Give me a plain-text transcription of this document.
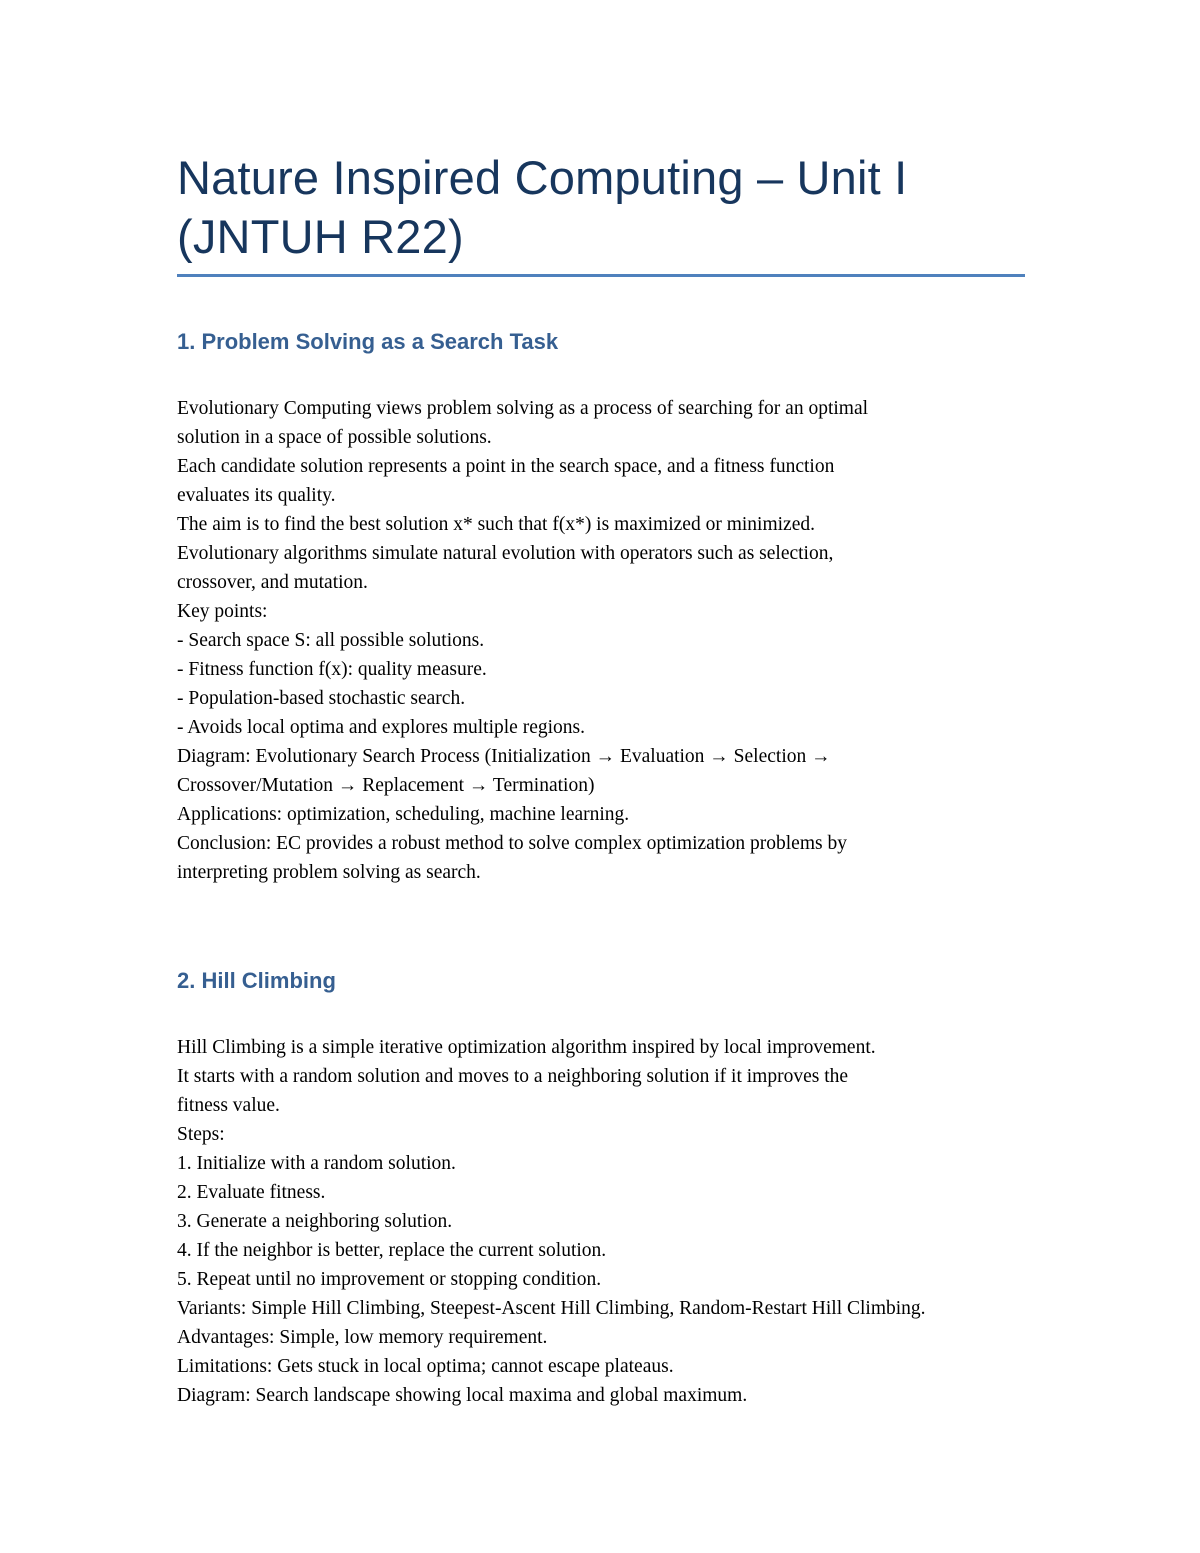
Nature Inspired Computing – Unit I
(JNTUH R22)
1. Problem Solving as a Search Task

Evolutionary Computing views problem solving as a process of searching for an optimal

solution in a space of possible solutions.

Each candidate solution represents a point in the search space, and a fitness function

evaluates its quality.

The aim is to find the best solution x* such that f(x*) is maximized or minimized.

Evolutionary algorithms simulate natural evolution with operators such as selection,

crossover, and mutation.

Key points:

- Search space S: all possible solutions.

- Fitness function f(x): quality measure.

- Population-based stochastic search.

- Avoids local optima and explores multiple regions.

Diagram: Evolutionary Search Process (Initialization → Evaluation → Selection →

Crossover/Mutation → Replacement → Termination)

Applications: optimization, scheduling, machine learning.

Conclusion: EC provides a robust method to solve complex optimization problems by

interpreting problem solving as search.

2. Hill Climbing

Hill Climbing is a simple iterative optimization algorithm inspired by local improvement.

It starts with a random solution and moves to a neighboring solution if it improves the

fitness value.

Steps:

1. Initialize with a random solution.

2. Evaluate fitness.

3. Generate a neighboring solution.

4. If the neighbor is better, replace the current solution.

5. Repeat until no improvement or stopping condition.

Variants: Simple Hill Climbing, Steepest-Ascent Hill Climbing, Random-Restart Hill Climbing.

Advantages: Simple, low memory requirement.

Limitations: Gets stuck in local optima; cannot escape plateaus.

Diagram: Search landscape showing local maxima and global maximum.
